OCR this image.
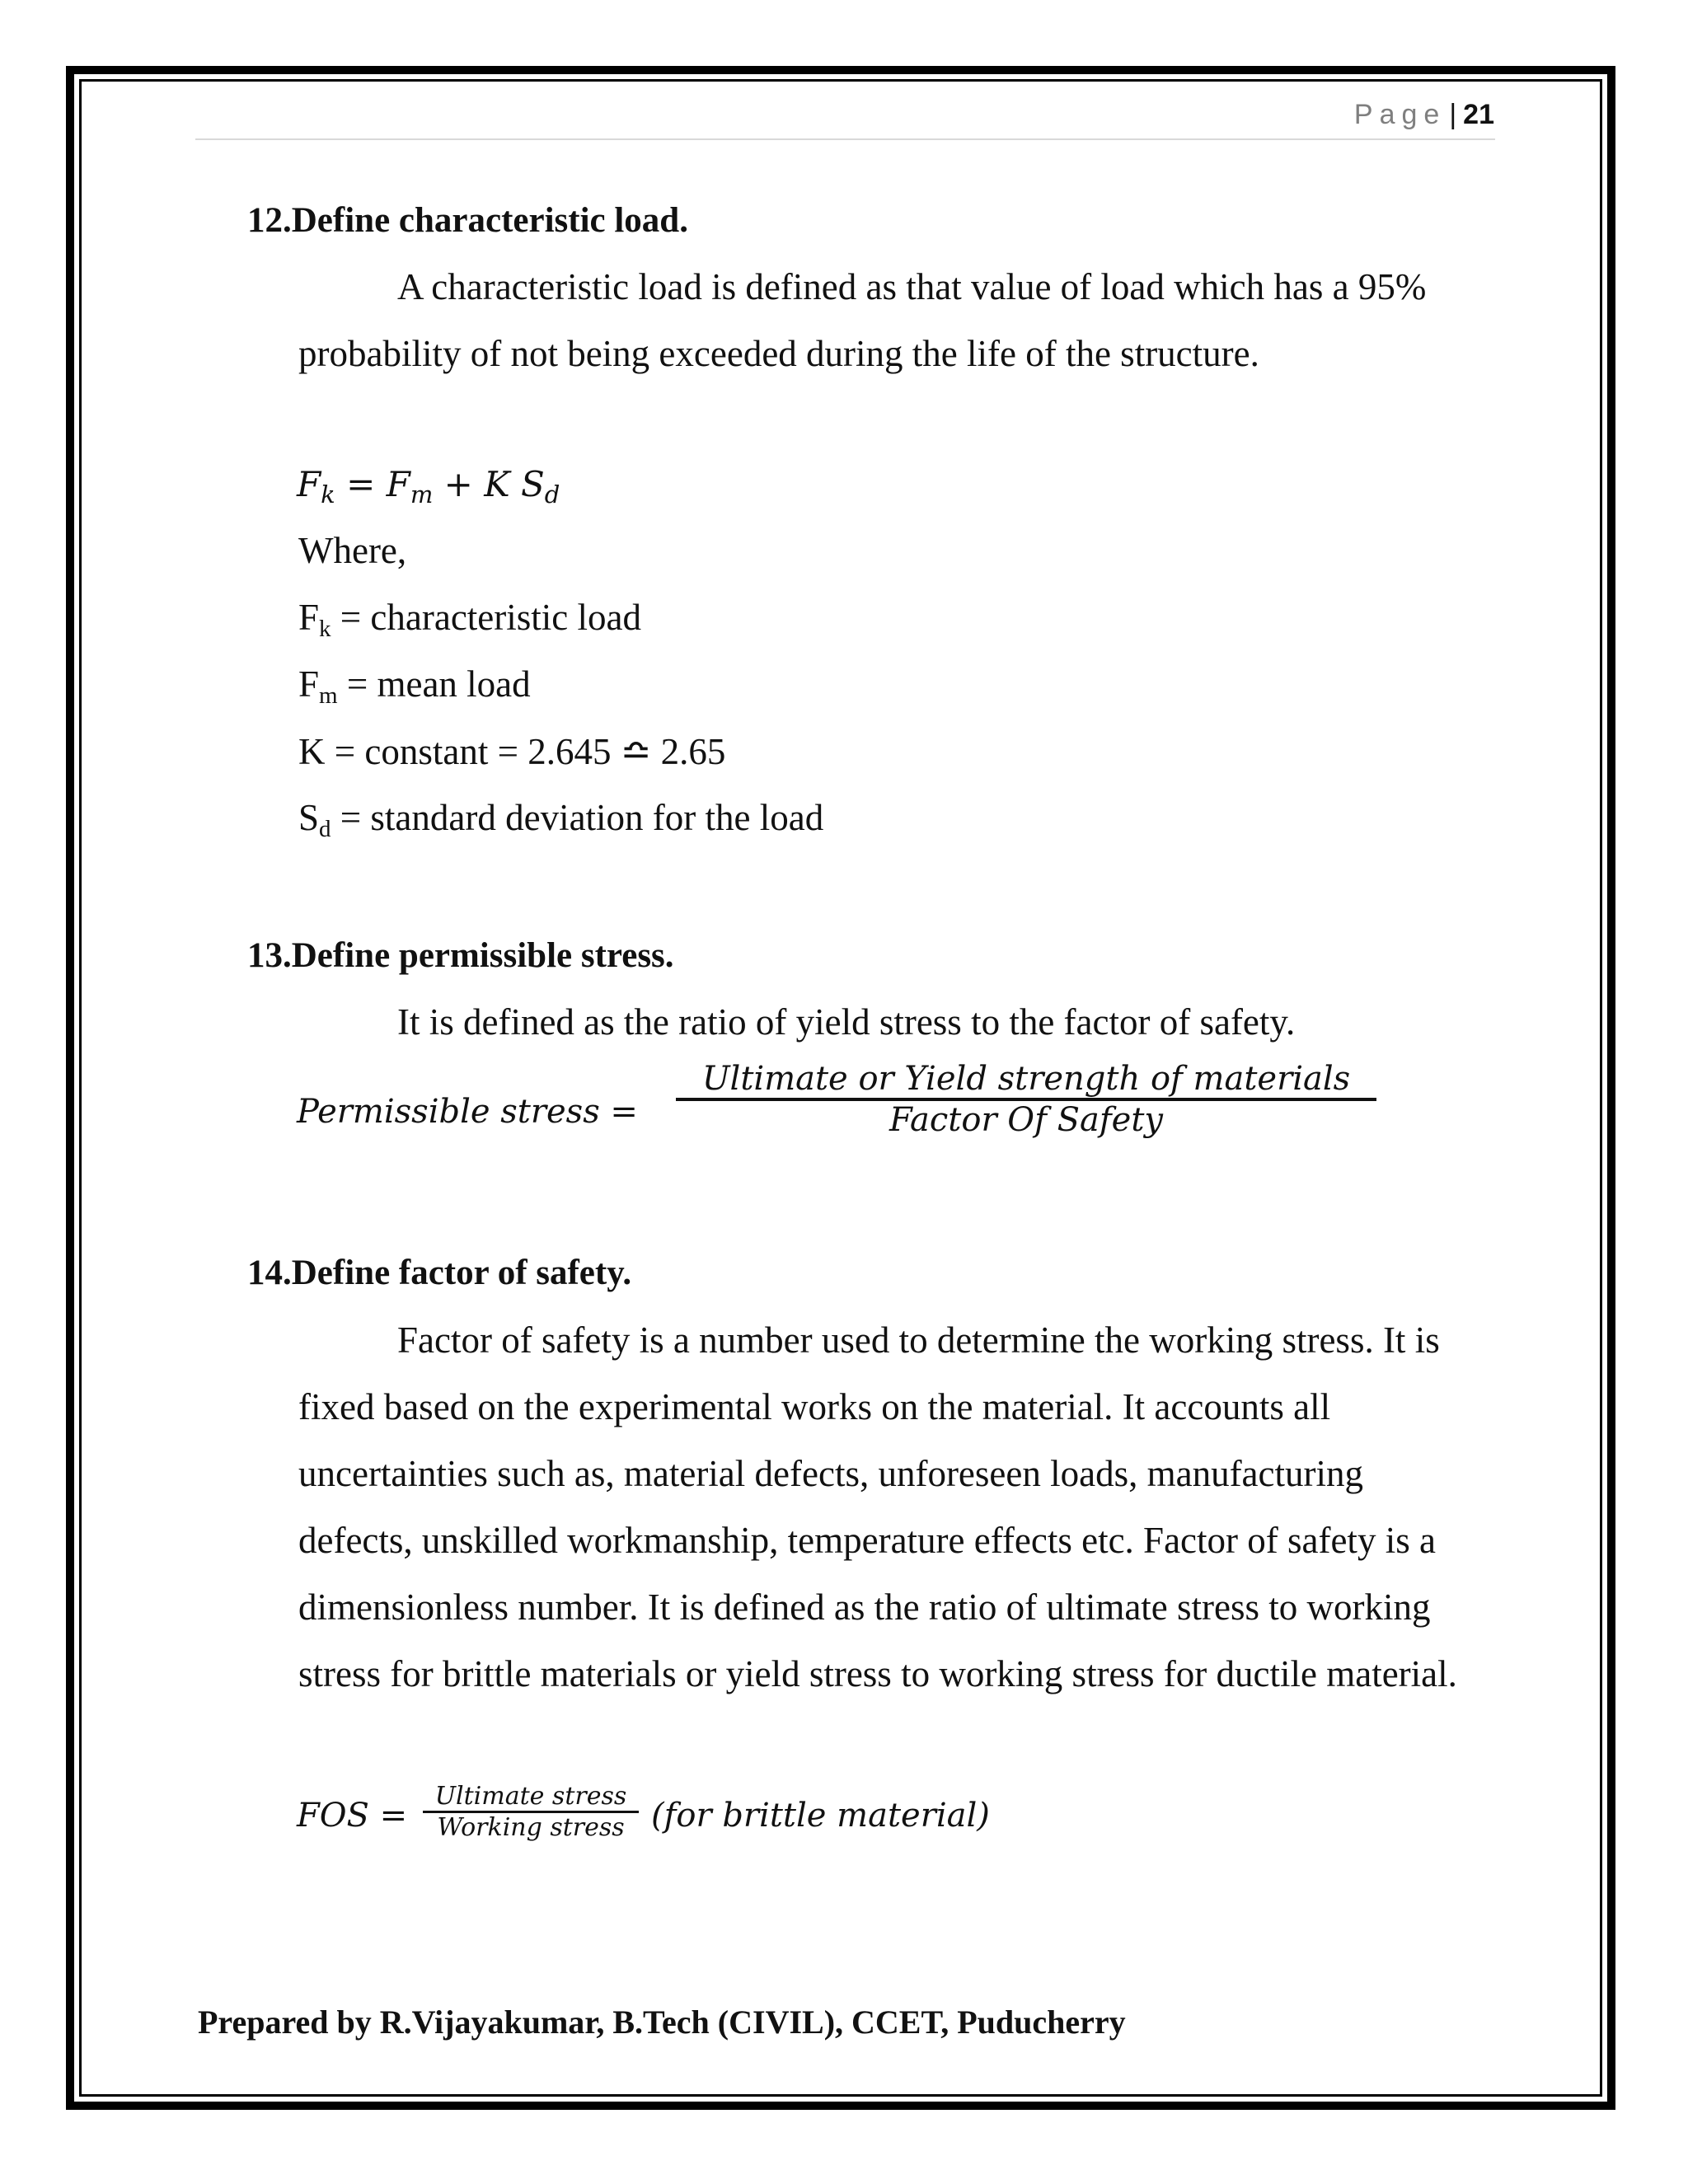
Page | 21
12.Define characteristic load.
A characteristic load is defined as that value of load which has a 95% probability of not being exceeded during the life of the structure.
$F_k = F_m + K$ $S_d$
Where,
$F_k$ = characteristic load
$F_m$ = mean load
K = constant = 2.645 ≏ 2.65
$S_d$ = standard deviation for the load
13.Define permissible stress.
It is defined as the ratio of yield stress to the factor of safety.
Permissible stress =
Ultimate or Yield strength of materials
Factor Of Safety
14.Define factor of safety.
Factor of safety is a number used to determine the working stress. It is fixed based on the experimental works on the material. It accounts all uncertainties such as, material defects, unforeseen loads, manufacturing defects, unskilled workmanship, temperature effects etc. Factor of safety is a dimensionless number. It is defined as the ratio of ultimate stress to working stress for brittle materials or yield stress to working stress for ductile material.
FOS =
Ultimate stress
Working stress (for brittle material)
Prepared by R.Vijayakumar, B.Tech (CIVIL), CCET, Puducherry
